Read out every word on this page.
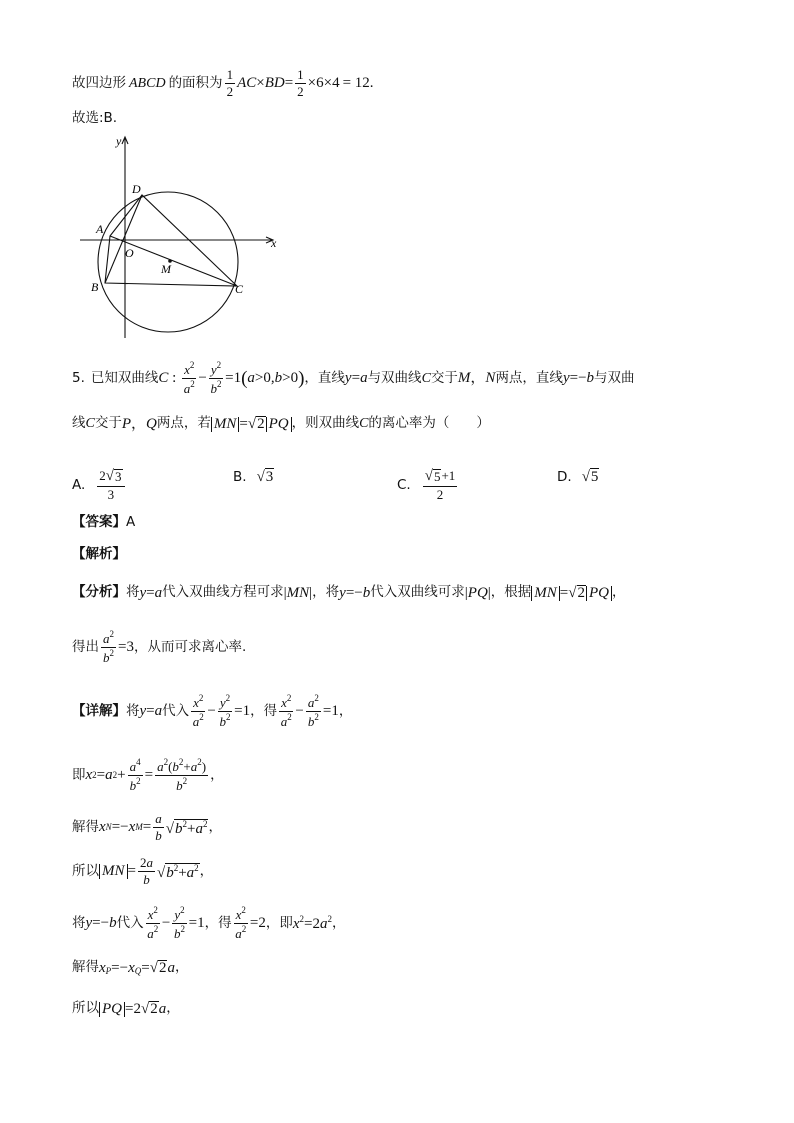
故四边形 ABCD 的面积为
1
2
AC × BD =
1
2
×6×4 = 12.
故选:B.
x
y
D
A
O
M
B	C
5. 已知双曲线 C :
$x^2$
$a^2$ −
$y^2$
$b^2 =1$ ( a >0, b >0 ) ，直线 y=a 与双曲线 C 交于 M，N 两点，直线 y=−b 与双曲
线 C 交于 P，Q 两点，若 MN = √ 2 PQ ，则双曲线 C 的离心率为（　　）
A.
2 √ 3
3
B. √ 3	C.
√ 5 +1
2
D. √ 5
【答案】 A
【解析】
【分析】 将 y=a 代入双曲线方程可求 |MN| ，将 y=−b 代入双曲线可求 |PQ| ，根据 MN = √ 2 PQ ，
得出
$a^2$
$b^2 =3$ ，从而可求离心率.
【详解】 将 y=a 代入
$x^2$
$a^2$ −
$y^2$
$b^2 =1$ ，得
$x^2$
$a^2$ −
$a^2$
$b^2 =1$ ，
即 x 2 = a 2 +
$a^4$
$b^2$ =
$a^2(b^2+a^2)$
$b^2$ ，
解得 x N =− x M =
a
b √ $b^2+a^2$ ，
所以 MN =
2a
b √ $b^2+a^2$ ，
将 y=−b 代入
$x^2$
$a^2$ −
$y^2$
$b^2 =1$ ，得
$x^2$
$a^2 =2$ ，即 $x^2=2a^2$ ，
解得 x $_P$ =− x $_Q$ = √ 2 a ，
所以 PQ =2 √ 2 a ，
